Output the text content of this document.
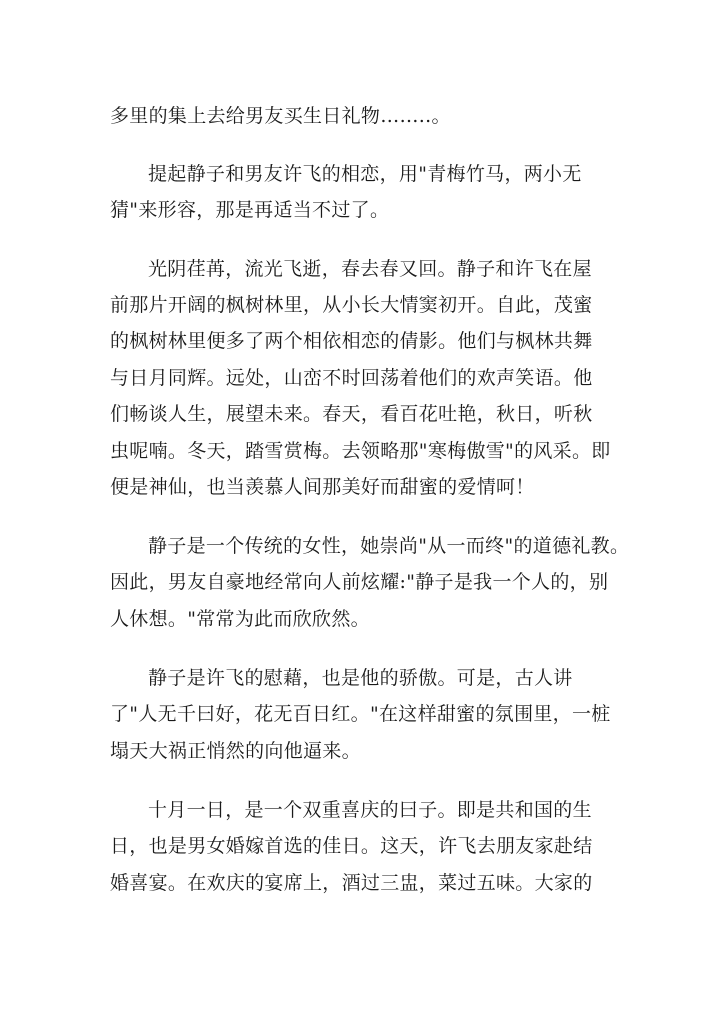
多里的集上去给男友买生日礼物……..。
提起静子和男友许飞的相恋，用"青梅竹马，两小无
猜"来形容，那是再适当不过了。
光阴荏苒，流光飞逝，春去春又回。静子和许飞在屋
前那片开阔的枫树林里，从小长大情窦初开。自此，茂蜜
的枫树林里便多了两个相依相恋的倩影。他们与枫林共舞
与日月同辉。远处，山峦不时回荡着他们的欢声笑语。他
们畅谈人生，展望未来。春天，看百花吐艳，秋日，听秋
虫呢喃。冬天，踏雪赏梅。去领略那"寒梅傲雪"的风采。即
便是神仙，也当羡慕人间那美好而甜蜜的爱情呵！
静子是一个传统的女性，她崇尚"从一而终"的道德礼教。
因此，男友自豪地经常向人前炫耀:"静子是我一个人的，别
人休想。"常常为此而欣欣然。
静子是许飞的慰藉，也是他的骄傲。可是，古人讲
了"人无千曰好，花无百日红。"在这样甜蜜的氛围里，一桩
塌天大祸正悄然的向他逼来。
十月一日，是一个双重喜庆的曰子。即是共和国的生
日，也是男女婚嫁首选的佳日。这天，许飞去朋友家赴结
婚喜宴。在欢庆的宴席上，酒过三盅，菜过五味。大家的
